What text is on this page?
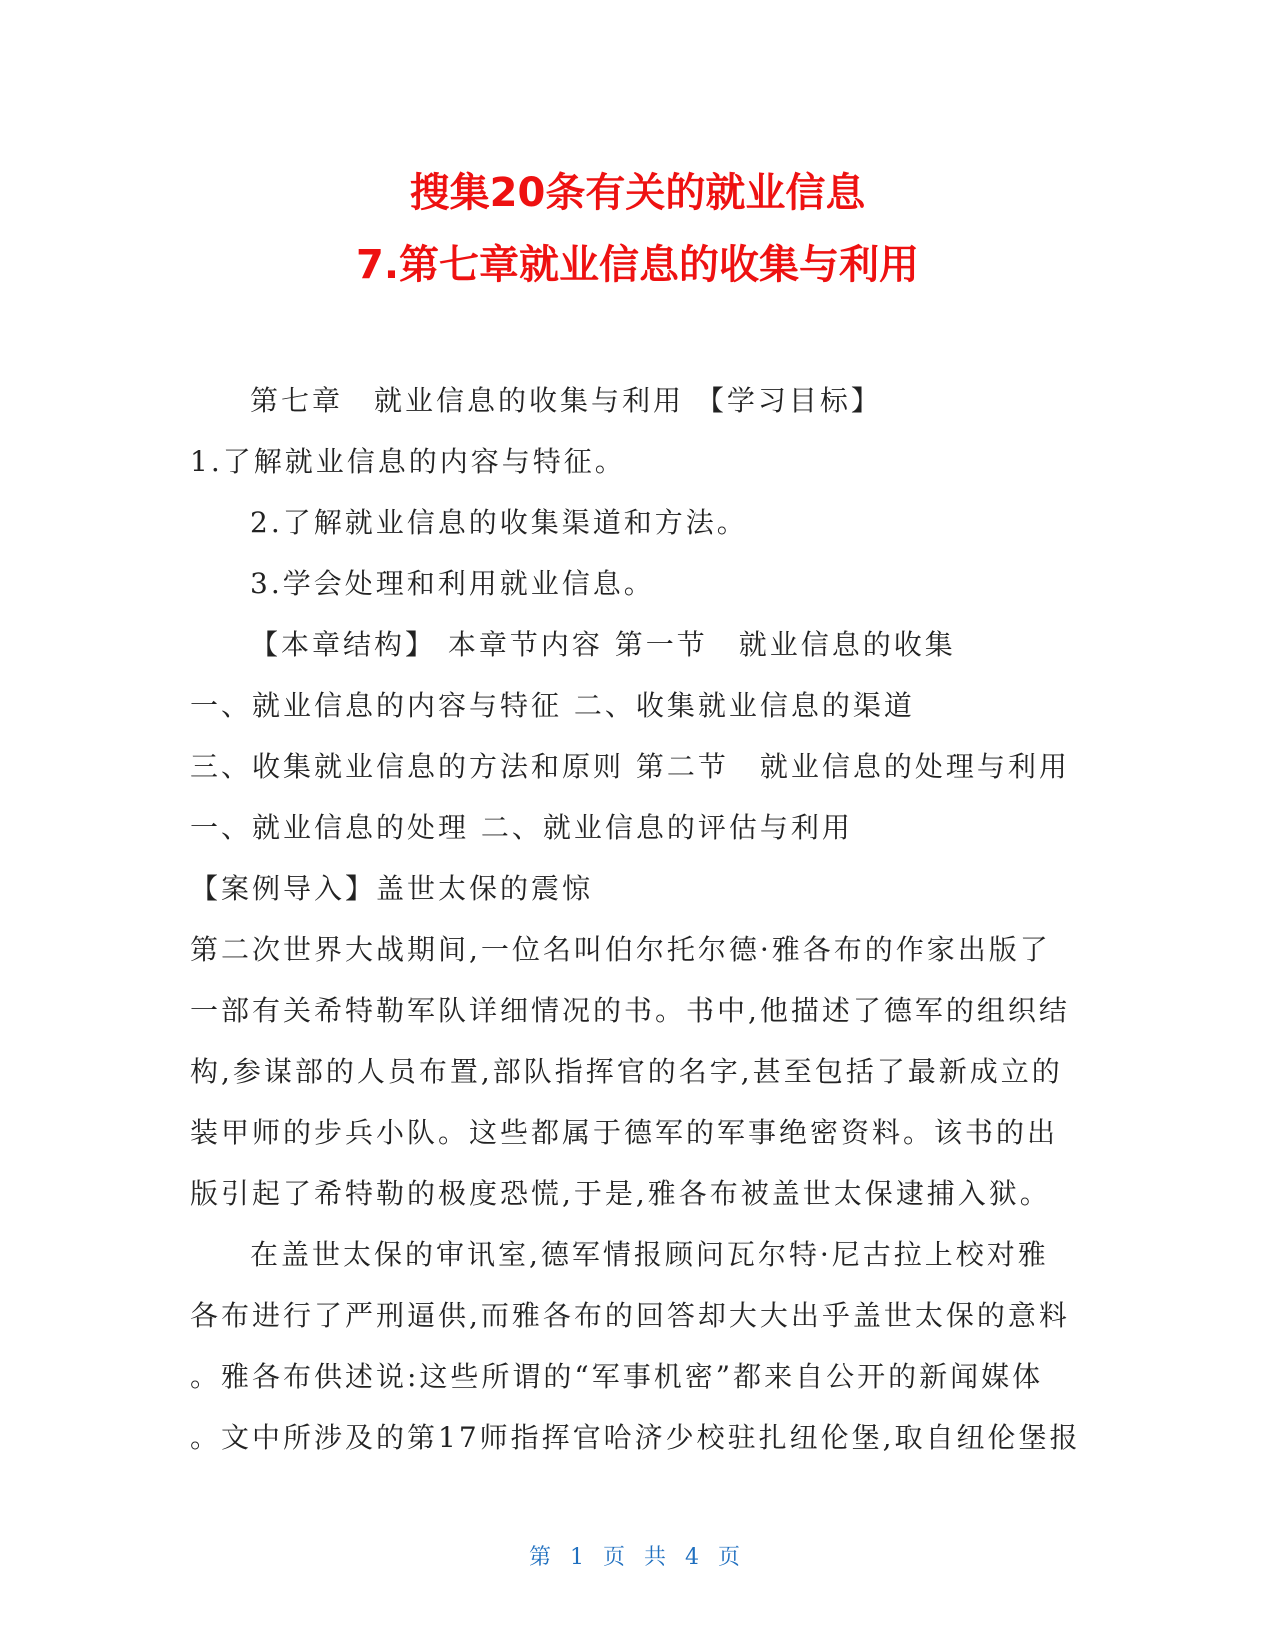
搜集20条有关的就业信息
7.第七章就业信息的收集与利用

第七章　就业信息的收集与利用 【学习目标】

1.了解就业信息的内容与特征。

2.了解就业信息的收集渠道和方法。

3.学会处理和利用就业信息。

【本章结构】 本章节内容 第一节　就业信息的收集

一、就业信息的内容与特征 二、收集就业信息的渠道

三、收集就业信息的方法和原则 第二节　就业信息的处理与利用

一、就业信息的处理 二、就业信息的评估与利用

【案例导入】盖世太保的震惊

第二次世界大战期间,一位名叫伯尔托尔德·雅各布的作家出版了

一部有关希特勒军队详细情况的书。书中,他描述了德军的组织结

构,参谋部的人员布置,部队指挥官的名字,甚至包括了最新成立的

装甲师的步兵小队。这些都属于德军的军事绝密资料。该书的出

版引起了希特勒的极度恐慌,于是,雅各布被盖世太保逮捕入狱。

在盖世太保的审讯室,德军情报顾问瓦尔特·尼古拉上校对雅

各布进行了严刑逼供,而雅各布的回答却大大出乎盖世太保的意料

。雅各布供述说:这些所谓的“军事机密”都来自公开的新闻媒体

。文中所涉及的第17师指挥官哈济少校驻扎纽伦堡,取自纽伦堡报

第 1 页 共 4 页
